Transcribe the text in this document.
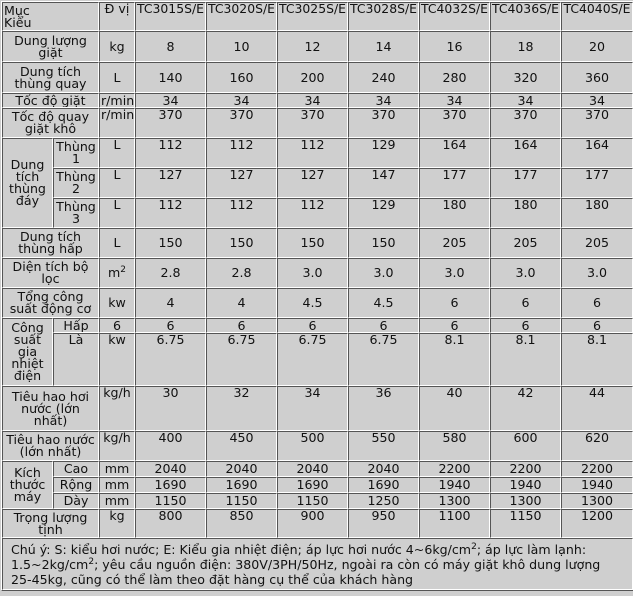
Mục
Kiểu		Đ vị	TC3015S/E	TC3020S/E	TC3025S/E	TC3028S/E	TC4032S/E	TC4036S/E	TC4040S/E
Dung lượng giặt		kg	8	10	12	14	16	18	20
Dung tích thùng quay		L	140	160	200	240	280	320	360
Tốc độ giặt		r/min	34	34	34	34	34	34	34
Tốc độ quay giặt khô		r/min	370	370	370	370	370	370	370
Dung tích thùng đáy	Thùng 1	L	112	112	112	129	164	164	164
	Thùng 2	L	127	127	127	147	177	177	177
	Thùng 3	L	112	112	112	129	180	180	180
Dung tích thùng hấp		L	150	150	150	150	205	205	205
Diện tích bộ lọc		$m^2$	2.8	2.8	3.0	3.0	3.0	3.0	3.0
Tổng công suất động cơ		kw	4	4	4.5	4.5	6	6	6
Công suất gia nhiệt điện	Hấp	6	6	6	6	6	6	6	6
	Là	kw	6.75	6.75	6.75	6.75	8.1	8.1	8.1
Tiêu hao hơi nước (lớn nhất)		kg/h	30	32	34	36	40	42	44
Tiêu hao nước (lớn nhất)		kg/h	400	450	500	550	580	600	620
Kích thước máy	Cao	mm	2040	2040	2040	2040	2200	2200	2200
	Rộng	mm	1690	1690	1690	1690	1940	1940	1940
	Dày	mm	1150	1150	1150	1250	1300	1300	1300
Trọng lượng tịnh		kg	800	850	900	950	1100	1150	1200
Chú ý: S: kiểu hơi nước; E: Kiểu gia nhiệt điện; áp lực hơi nước $4\sim 6kg/cm^2$; áp lực làm lạnh: $1.5\sim 2kg/cm^2$; yêu cầu nguồn điện: 380V/3PH/50Hz, ngoài ra còn có máy giặt khô dung lượng 25-45kg, cũng có thể làm theo đặt hàng cụ thể của khách hàng									
